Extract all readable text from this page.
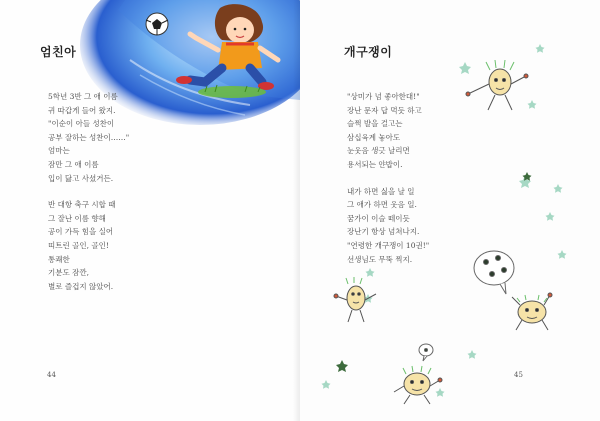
엄친아
5학년 3반 그 애 이름
귀 따갑게 들어 왔지.
"이순이 아들 성찬이
공부 잘하는 성찬이……"
엄마는
잠만 그 애 이름
입이 닳고 사셨거든.
반 대항 축구 시합 때
그 잘난 이름 향해
공이 가득 힘을 실어
띠트린 골인, 골인!
통쾌한
기분도 잠깐,
별로 즐겁지 않았어.
44
개구쟁이
"상미가 넘 좋아한대!"
장난 문자 답 먹듯 하고
슬쩍 발을 걸고는
삼십육계 놓아도
눈웃음 생긋 날리면
용서되는 얀밥이.
내가 하면 싫을 날 일
그 애가 하면 웃음 일.
꿈가이 이슬 떼이듯
장난기 항상 넘쳐나지.
"연령한 개구쟁이 10권!"
선생님도 무뚝 찍지.
45
